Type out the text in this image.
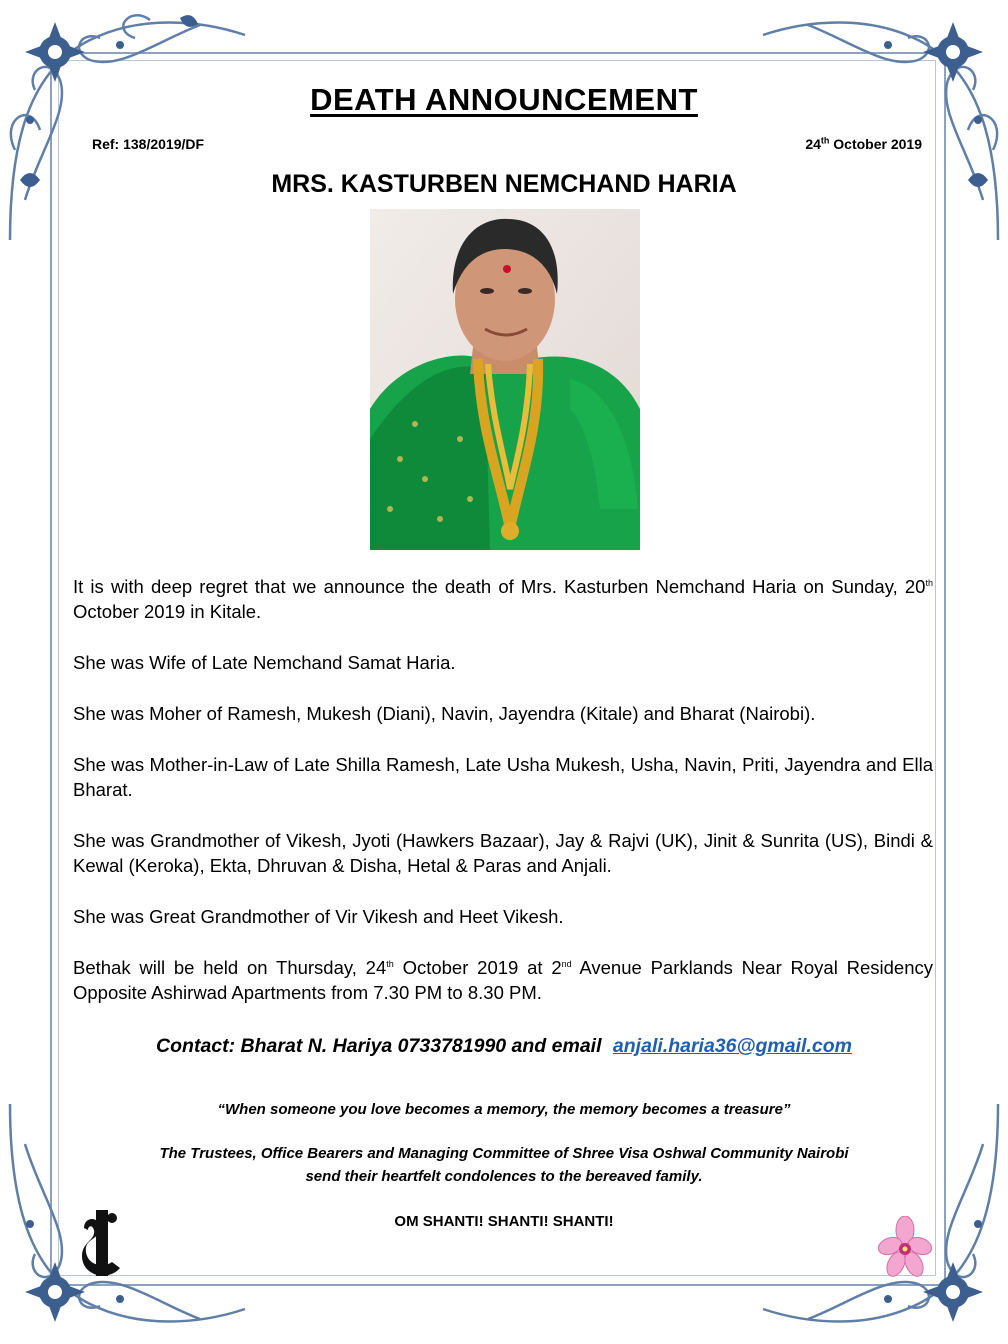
DEATH ANNOUNCEMENT
Ref: 138/2019/DF	24th October 2019
MRS. KASTURBEN NEMCHAND HARIA

It is with deep regret that we announce the death of Mrs. Kasturben Nemchand Haria on Sunday, 20th October 2019 in Kitale.

She was Wife of Late Nemchand Samat Haria.

She was Moher of Ramesh, Mukesh (Diani), Navin, Jayendra (Kitale) and Bharat (Nairobi).

She was Mother-in-Law of Late Shilla Ramesh, Late Usha Mukesh, Usha, Navin, Priti, Jayendra and Ella Bharat.

She was Grandmother of Vikesh, Jyoti (Hawkers Bazaar), Jay & Rajvi (UK), Jinit & Sunrita (US), Bindi & Kewal (Keroka), Ekta, Dhruvan & Disha, Hetal & Paras and Anjali.

She was Great Grandmother of Vir Vikesh and Heet Vikesh.

Bethak will be held on Thursday, 24th October 2019 at 2nd Avenue Parklands Near Royal Residency Opposite Ashirwad Apartments from 7.30 PM to 8.30 PM.

Contact: Bharat N. Hariya 0733781990 and email anjali.haria36@gmail.com
“When someone you love becomes a memory, the memory becomes a treasure”
The Trustees, Office Bearers and Managing Committee of Shree Visa Oshwal Community Nairobi
send their heartfelt condolences to the bereaved family.
OM SHANTI! SHANTI! SHANTI!
